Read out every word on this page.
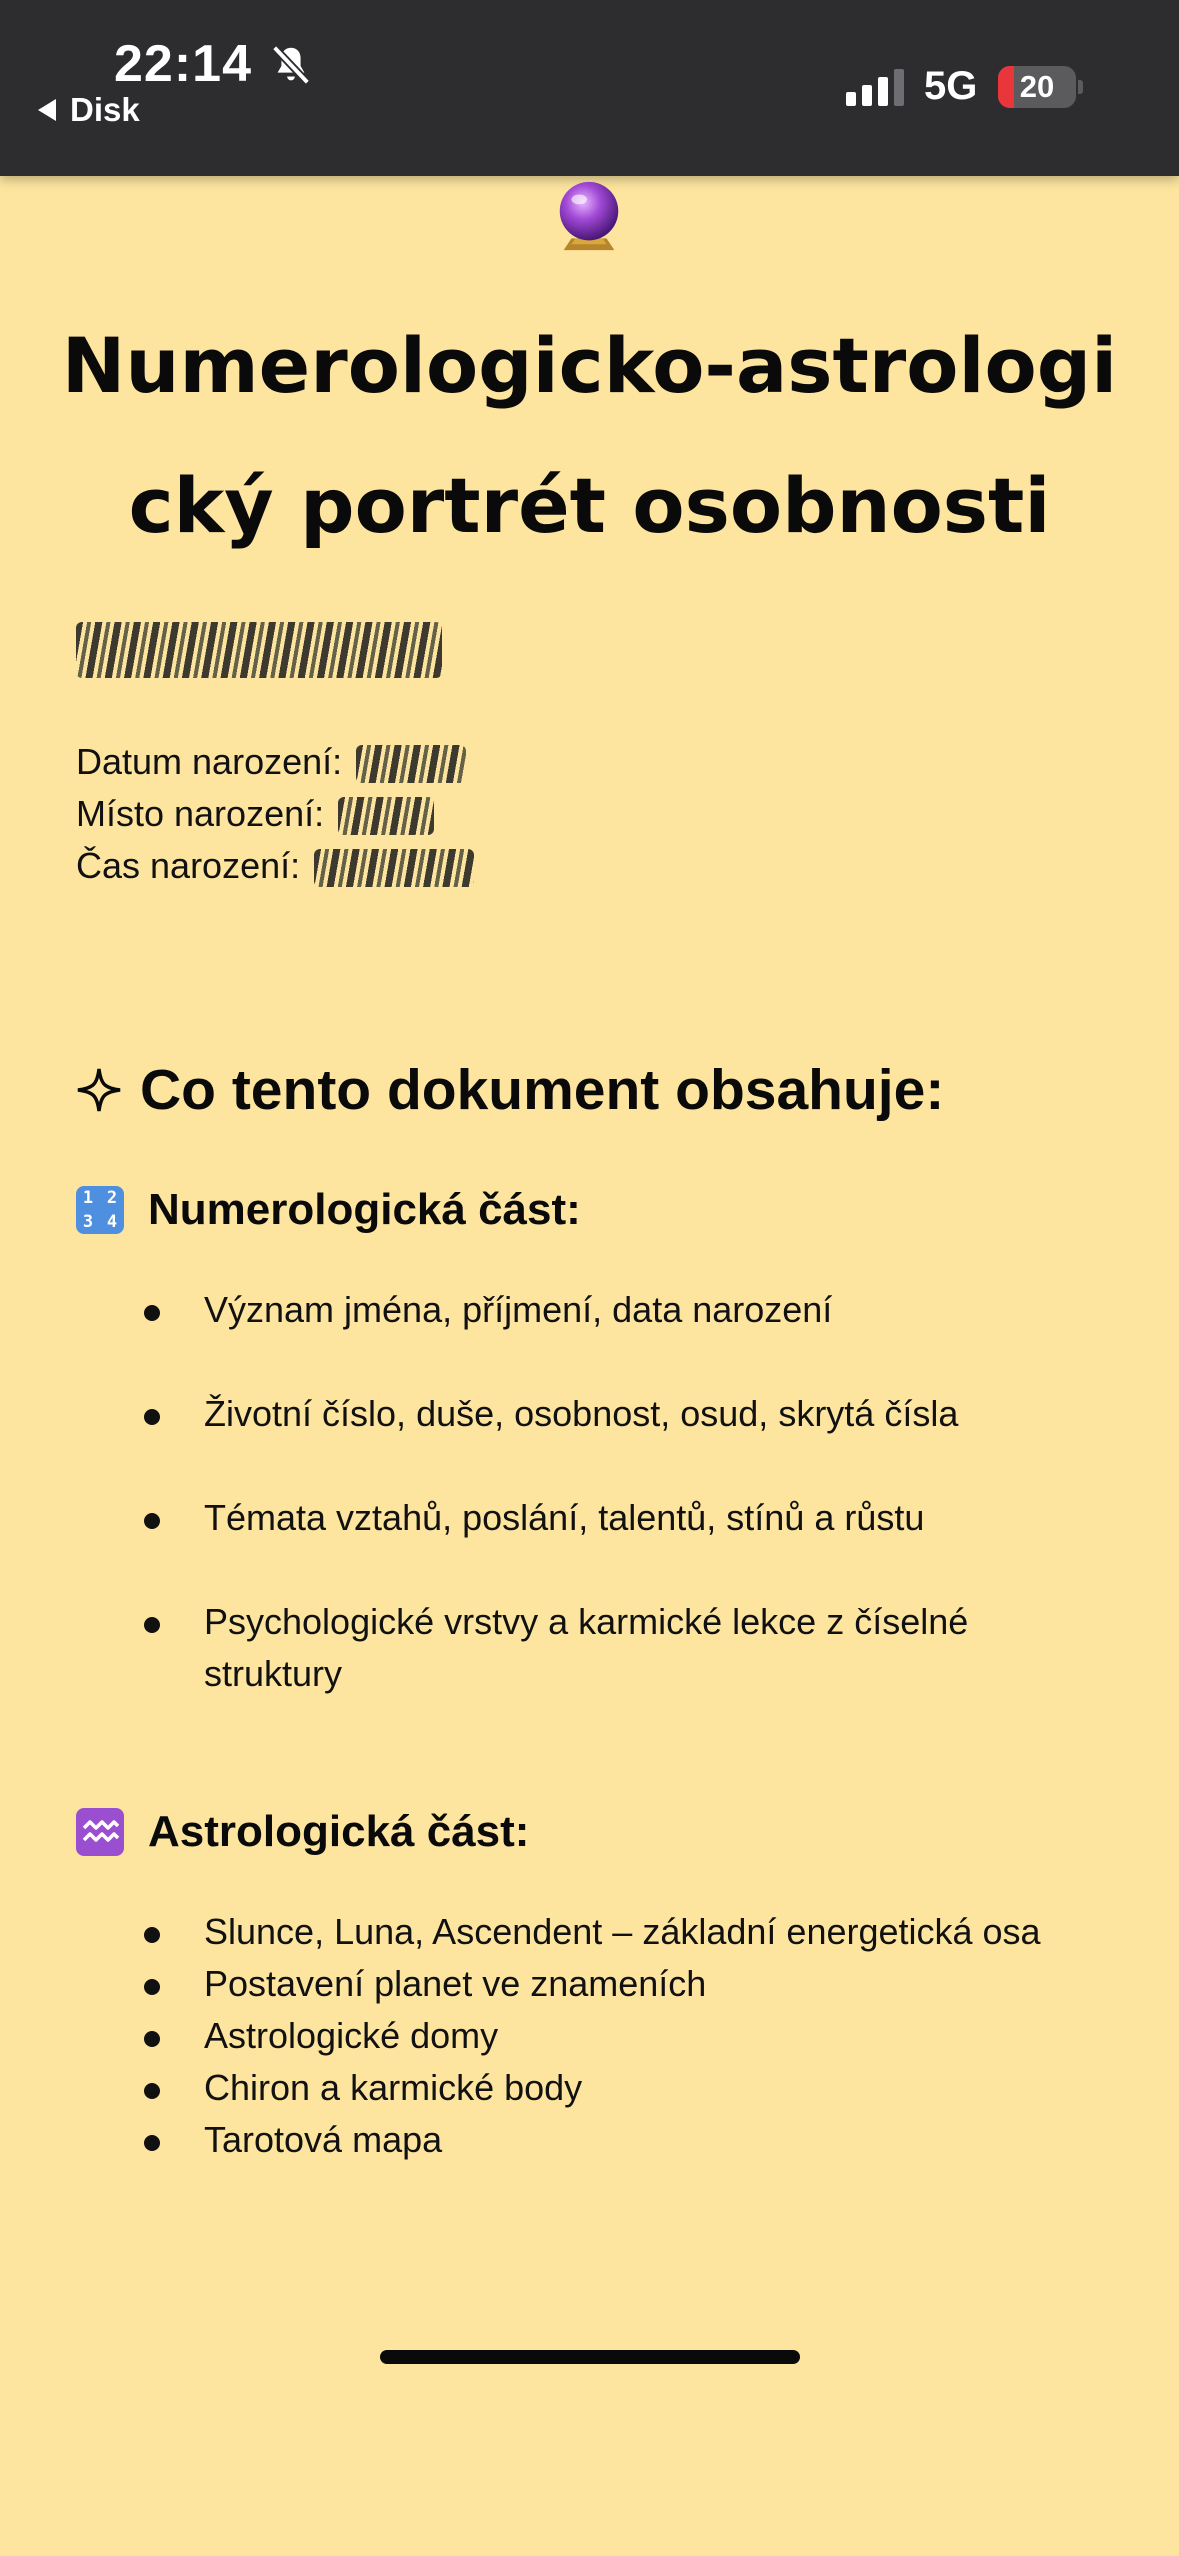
22:14
Disk
5G	20
Numerologicko-astrologický portrét osobnosti
Datum narození:
Místo narození:
Čas narození:
Co tento dokument obsahuje:
1 2
3 4 Numerologická část:
Význam jména, příjmení, data narození
Životní číslo, duše, osobnost, osud, skrytá čísla
Témata vztahů, poslání, talentů, stínů a růstu
Psychologické vrstvy a karmické lekce z číselné struktury
Astrologická část:
Slunce, Luna, Ascendent – základní energetická osa
Postavení planet ve znameních
Astrologické domy
Chiron a karmické body
Tarotová mapa
